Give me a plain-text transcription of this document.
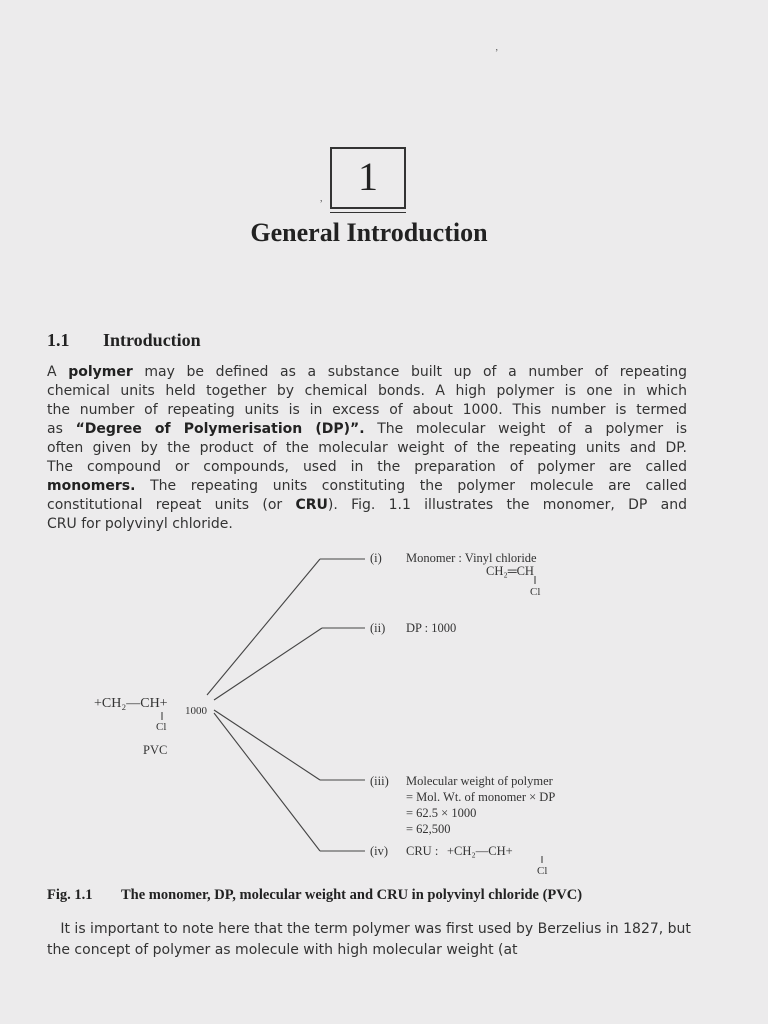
1
,
General Introduction
1.1 Introduction

A polymer may be defined as a substance built up of a number of repeating
chemical units held together by chemical bonds. A high polymer is one in which
the number of repeating units is in excess of about 1000. This number is termed
as “Degree of Polymerisation (DP)”. The molecular weight of a polymer is
often given by the product of the molecular weight of the repeating units and DP.
The compound or compounds, used in the preparation of polymer are called
monomers. The repeating units constituting the polymer molecule are called
constitutional repeat units (or CRU). Fig. 1.1 illustrates the monomer, DP and
CRU for polyvinyl chloride.

+CH₂—CH+ 1000
Cl
PVC
(i) Monomer : Vinyl chloride
CH₂═CH
Cl
(ii) DP : 1000
(iii) Molecular weight of polymer
= Mol. Wt. of monomer × DP
= 62.5 × 1000
= 62,500
(iv) CRU : +CH₂—CH+
Cl
Fig. 1.1 The monomer, DP, molecular weight and CRU in polyvinyl chloride (PVC)

It is important to note here that the term polymer was first used by Berzelius in 1827, but the concept of polymer as molecule with high molecular weight (at

ʼ
